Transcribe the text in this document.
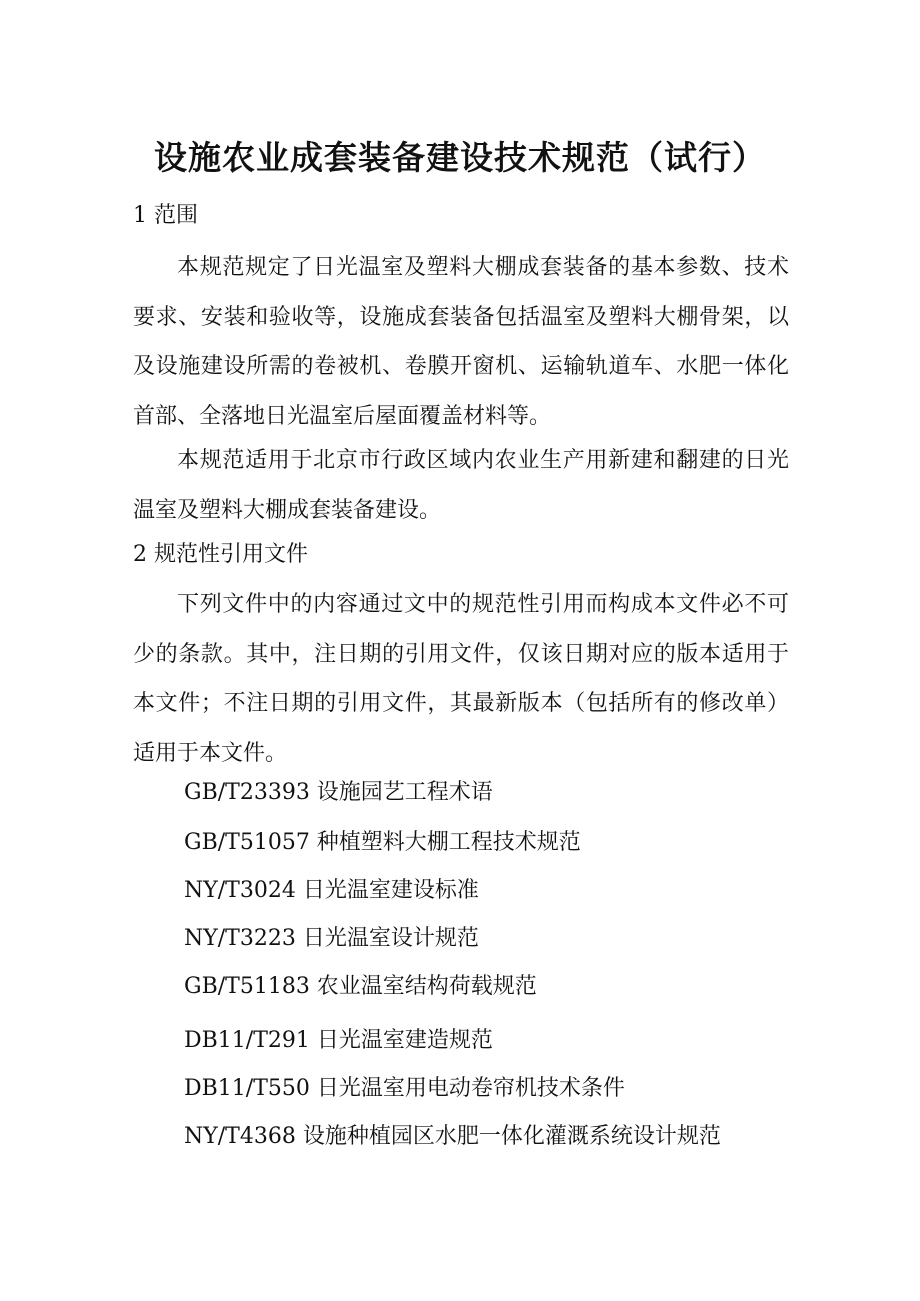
设施农业成套装备建设技术规范（试行）
1 范围

本规范规定了日光温室及塑料大棚成套装备的基本参数、技术要求、安装和验收等，设施成套装备包括温室及塑料大棚骨架，以及设施建设所需的卷被机、卷膜开窗机、运输轨道车、水肥一体化首部、全落地日光温室后屋面覆盖材料等。

本规范适用于北京市行政区域内农业生产用新建和翻建的日光温室及塑料大棚成套装备建设。

2 规范性引用文件

下列文件中的内容通过文中的规范性引用而构成本文件必不可少的条款。其中，注日期的引用文件，仅该日期对应的版本适用于本文件；不注日期的引用文件，其最新版本（包括所有的修改单）适用于本文件。

GB/T23393 设施园艺工程术语
GB/T51057 种植塑料大棚工程技术规范
NY/T3024 日光温室建设标准
NY/T3223 日光温室设计规范
GB/T51183 农业温室结构荷载规范
DB11/T291 日光温室建造规范
DB11/T550 日光温室用电动卷帘机技术条件
NY/T4368 设施种植园区水肥一体化灌溉系统设计规范
